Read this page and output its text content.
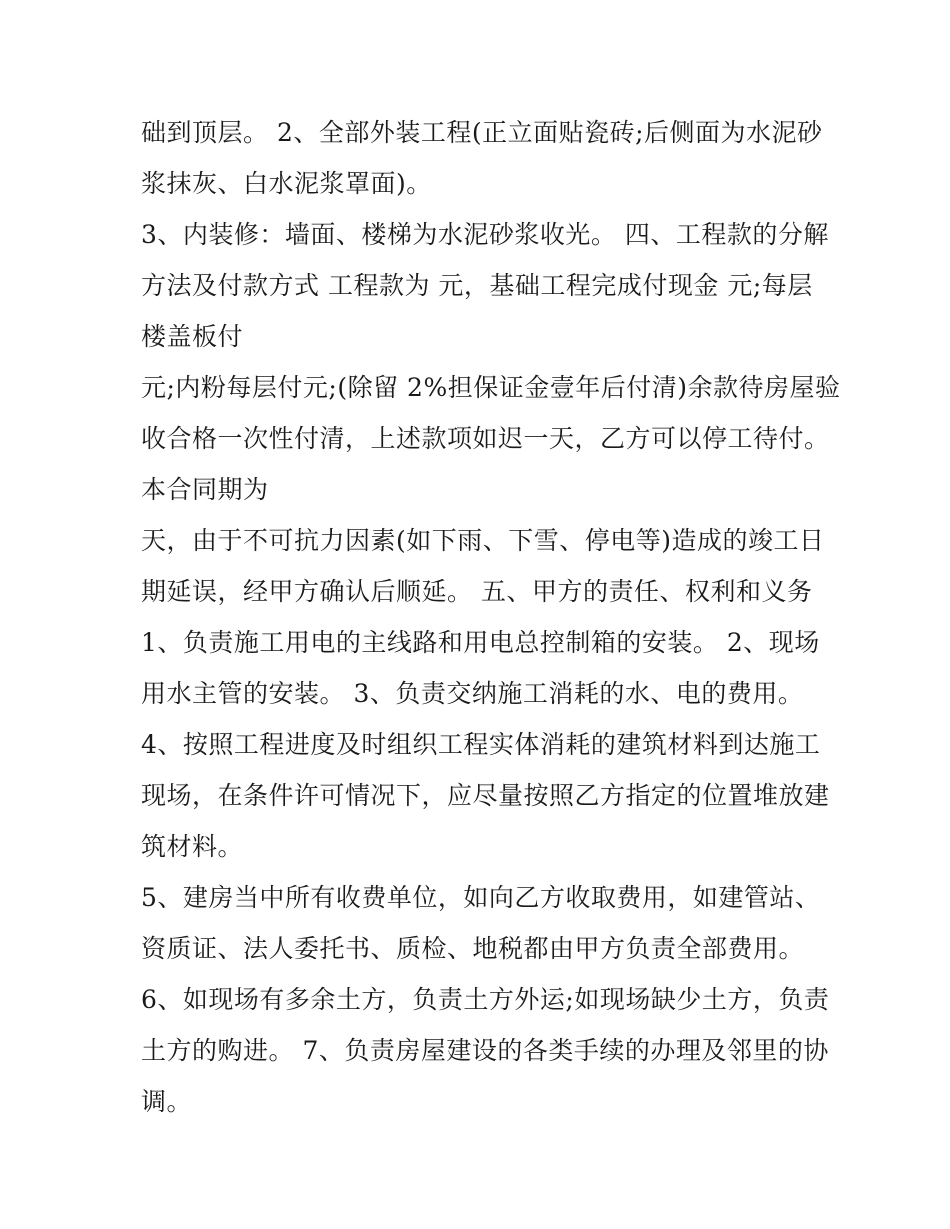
础到顶层。 2、全部外装工程(正立面贴瓷砖;后侧面为水泥砂
浆抹灰、白水泥浆罩面)。
3、内装修：墙面、楼梯为水泥砂浆收光。 四、工程款的分解
方法及付款方式 工程款为 元，基础工程完成付现金 元;每层
楼盖板付
元;内粉每层付元;(除留 2%担保证金壹年后付清)余款待房屋验
收合格一次性付清，上述款项如迟一天，乙方可以停工待付。
本合同期为
天，由于不可抗力因素(如下雨、下雪、停电等)造成的竣工日
期延误，经甲方确认后顺延。 五、甲方的责任、权利和义务
1、负责施工用电的主线路和用电总控制箱的安装。 2、现场
用水主管的安装。 3、负责交纳施工消耗的水、电的费用。
4、按照工程进度及时组织工程实体消耗的建筑材料到达施工
现场，在条件许可情况下，应尽量按照乙方指定的位置堆放建
筑材料。
5、建房当中所有收费单位，如向乙方收取费用，如建管站、
资质证、法人委托书、质检、地税都由甲方负责全部费用。
6、如现场有多余土方，负责土方外运;如现场缺少土方，负责
土方的购进。 7、负责房屋建设的各类手续的办理及邻里的协
调。
